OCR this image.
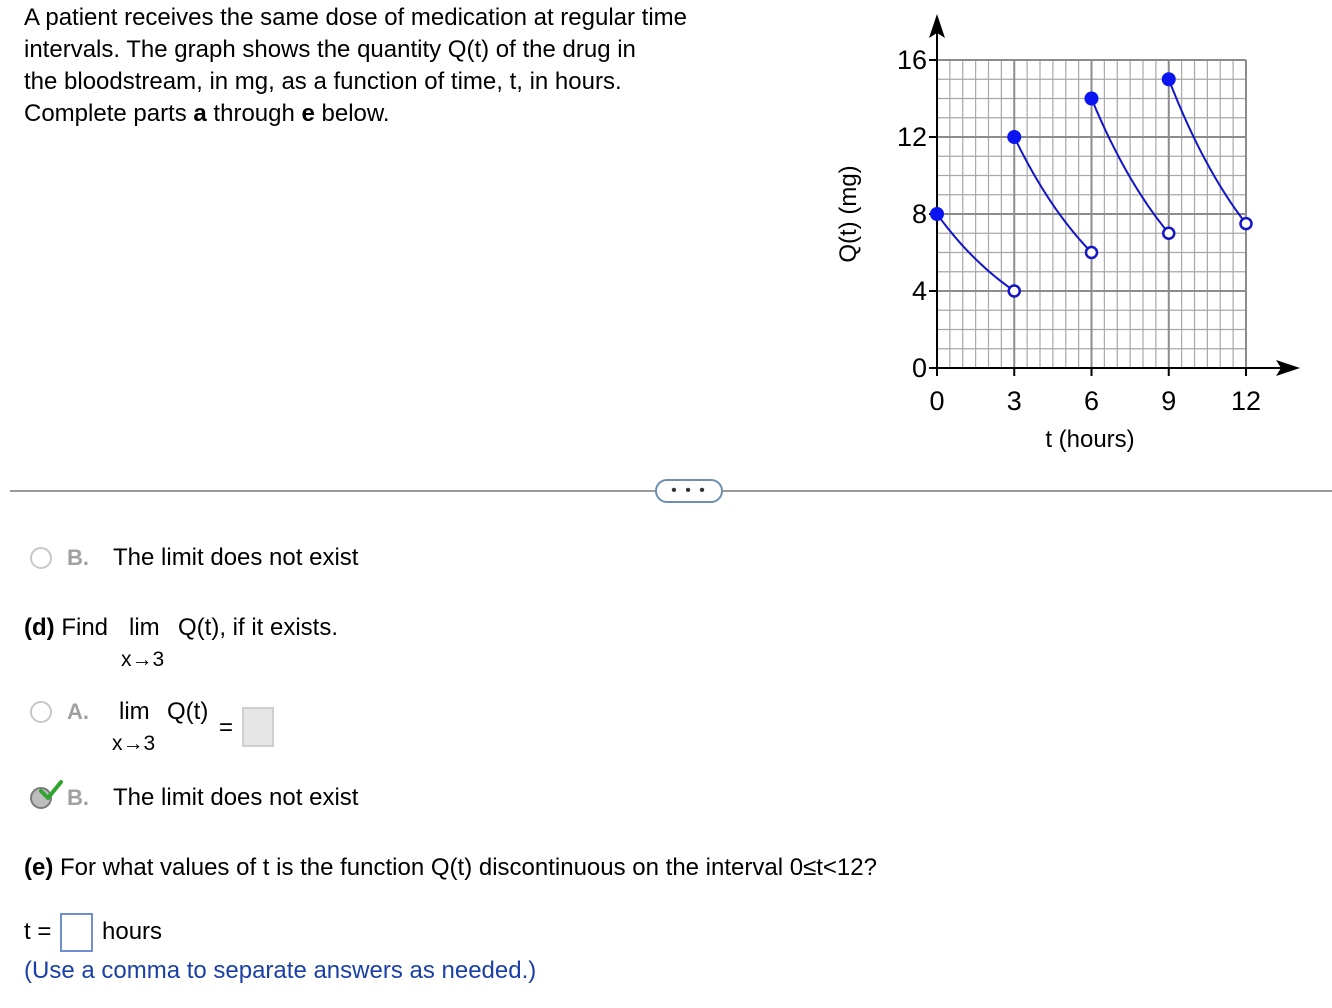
A patient receives the same dose of medication at regular time
intervals. The graph shows the quantity Q(t) of the drug in
the bloodstream, in mg, as a function of time, t, in hours.
Complete parts a through e below.
0 3 6 9 12
0
4
8
12
16
t (hours)
Q(t) (mg)
• • •
B. The limit does not exist
(d) Find lim Q(t), if it exists.
x→3
A. lim Q(t)
=
x→3
B. The limit does not exist
(e) For what values of t is the function Q(t) discontinuous on the interval 0≤t<12?
t = hours
(Use a comma to separate answers as needed.)
